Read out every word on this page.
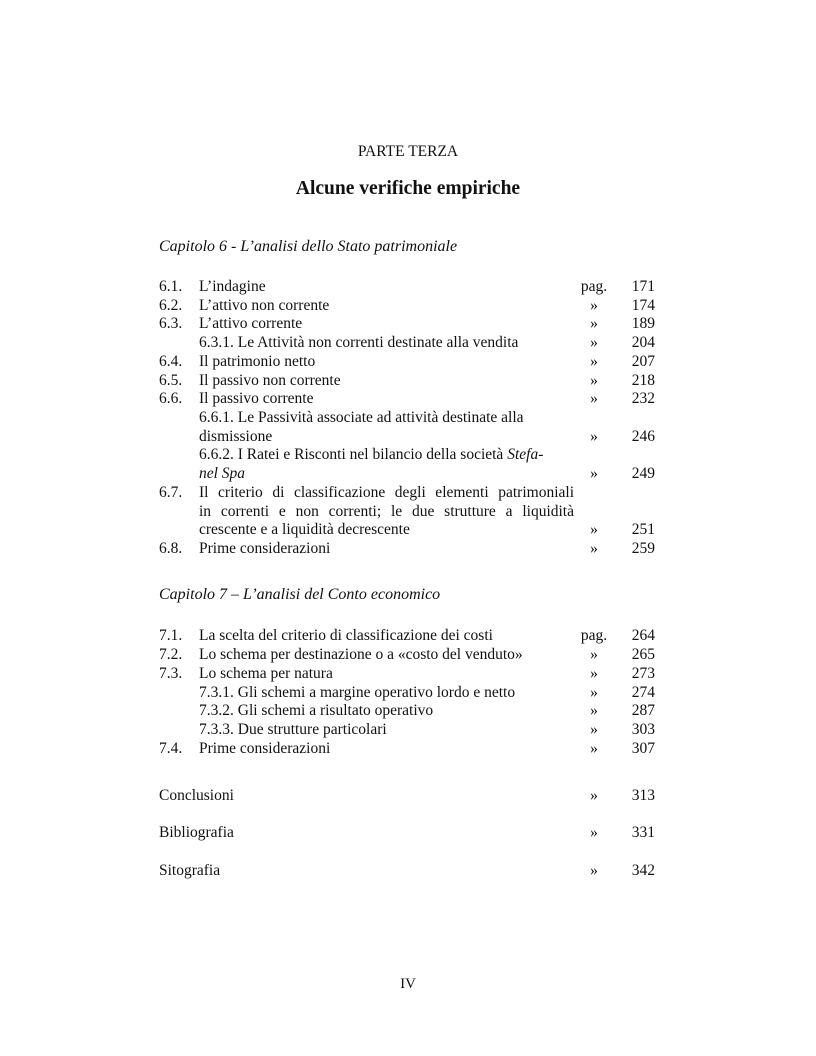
PARTE TERZA
Alcune verifiche empiriche
Capitolo 6 - L’analisi dello Stato patrimoniale
6.1. L’indagine	pag. 171
6.2. L’attivo non corrente	»	174
6.3. L’attivo corrente	»	189
6.3.1. Le Attività non correnti destinate alla vendita	»	204
6.4. Il patrimonio netto	»	207
6.5. Il passivo non corrente	»	218
6.6. Il passivo corrente	»	232
6.6.1. Le Passività associate ad attività destinate alla
dismissione	»	246
6.6.2. I Ratei e Risconti nel bilancio della società Stefa-
nel Spa	»	249
6.7. Il criterio di classificazione degli elementi patrimoniali
in correnti e non correnti; le due strutture a liquidità
crescente e a liquidità decrescente	»	251
6.8. Prime considerazioni	»	259
Capitolo 7 – L’analisi del Conto economico
7.1. La scelta del criterio di classificazione dei costi	pag. 264
7.2. Lo schema per destinazione o a «costo del venduto»	»	265
7.3. Lo schema per natura	»	273
7.3.1. Gli schemi a margine operativo lordo e netto	»	274
7.3.2. Gli schemi a risultato operativo	»	287
7.3.3. Due strutture particolari	»	303
7.4. Prime considerazioni	»	307
Conclusioni	»	313
Bibliografia	»	331
Sitografia	»	342
IV
